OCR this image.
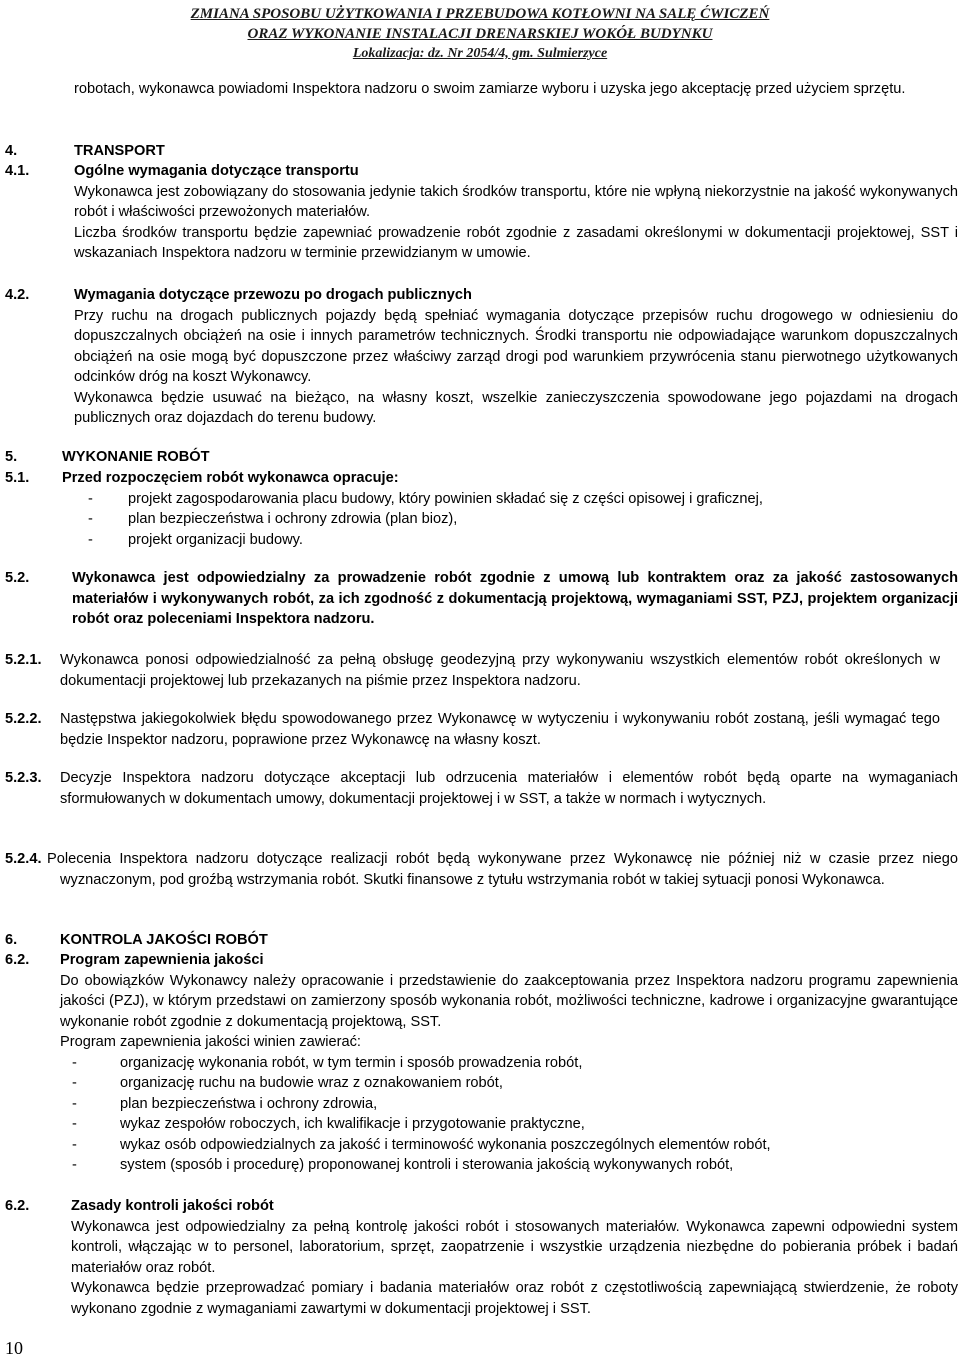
ZMIANA SPOSOBU UŻYTKOWANIA I PRZEBUDOWA KOTŁOWNI NA SALĘ ĆWICZEŃ
ORAZ WYKONANIE INSTALACJI DRENARSKIEJ WOKÓŁ BUDYNKU
Lokalizacja: dz. Nr 2054/4, gm. Sulmierzyce
robotach, wykonawca powiadomi Inspektora nadzoru o swoim zamiarze wyboru i uzyska jego akceptację przed użyciem sprzętu.
4.	TRANSPORT
4.1.	Ogólne wymagania dotyczące transportu
Wykonawca jest zobowiązany do stosowania jedynie takich środków transportu, które nie wpłyną niekorzystnie na jakość wykonywanych robót i właściwości przewożonych materiałów.
Liczba środków transportu będzie zapewniać prowadzenie robót zgodnie z zasadami określonymi w dokumentacji projektowej, SST i wskazaniach Inspektora nadzoru w terminie przewidzianym w umowie.
4.2.	Wymagania dotyczące przewozu po drogach publicznych
Przy ruchu na drogach publicznych pojazdy będą spełniać wymagania dotyczące przepisów ruchu drogowego w odniesieniu do dopuszczalnych obciążeń na osie i innych parametrów technicznych. Środki transportu nie odpowiadające warunkom dopuszczalnych obciążeń na osie mogą być dopuszczone przez właściwy zarząd drogi pod warunkiem przywrócenia stanu pierwotnego użytkowanych odcinków dróg na koszt Wykonawcy.
Wykonawca będzie usuwać na bieżąco, na własny koszt, wszelkie zanieczyszczenia spowodowane jego pojazdami na drogach publicznych oraz dojazdach do terenu budowy.
5.	WYKONANIE ROBÓT
5.1. Przed rozpoczęciem robót wykonawca opracuje:
- projekt zagospodarowania placu budowy, który powinien składać się z części opisowej i graficznej,
- plan bezpieczeństwa i ochrony zdrowia (plan bioz),
- projekt organizacji budowy.
5.2.	Wykonawca jest odpowiedzialny za prowadzenie robót zgodnie z umową lub kontraktem oraz za jakość zastosowanych materiałów i wykonywanych robót, za ich zgodność z dokumentacją projektową, wymaganiami SST, PZJ, projektem organizacji robót oraz poleceniami Inspektora nadzoru.
5.2.1. Wykonawca ponosi odpowiedzialność za pełną obsługę geodezyjną przy wykonywaniu wszystkich elementów robót określonych w dokumentacji projektowej lub przekazanych na piśmie przez Inspektora nadzoru.
5.2.2. Następstwa jakiegokolwiek błędu spowodowanego przez Wykonawcę w wytyczeniu i wykonywaniu robót zostaną, jeśli wymagać tego będzie Inspektor nadzoru, poprawione przez Wykonawcę na własny koszt.
5.2.3. Decyzje Inspektora nadzoru dotyczące akceptacji lub odrzucenia materiałów i elementów robót będą oparte na wymaganiach sformułowanych w dokumentach umowy, dokumentacji projektowej i w SST, a także w normach i wytycznych.
5.2.4. Polecenia Inspektora nadzoru dotyczące realizacji robót będą wykonywane przez Wykonawcę nie później niż w czasie przez niego wyznaczonym, pod groźbą wstrzymania robót. Skutki finansowe z tytułu wstrzymania robót w takiej sytuacji ponosi Wykonawca.
6.	KONTROLA JAKOŚCI ROBÓT
6.2. Program zapewnienia jakości
Do obowiązków Wykonawcy należy opracowanie i przedstawienie do zaakceptowania przez Inspektora nadzoru programu zapewnienia jakości (PZJ), w którym przedstawi on zamierzony sposób wykonania robót, możliwości techniczne, kadrowe i organizacyjne gwarantujące wykonanie robót zgodnie z dokumentacją projektową, SST.
Program zapewnienia jakości winien zawierać:
-	organizację wykonania robót, w tym termin i sposób prowadzenia robót,
-	organizację ruchu na budowie wraz z oznakowaniem robót,
-	plan bezpieczeństwa i ochrony zdrowia,
-	wykaz zespołów roboczych, ich kwalifikacje i przygotowanie praktyczne,
-	wykaz osób odpowiedzialnych za jakość i terminowość wykonania poszczególnych elementów robót,
-	system (sposób i procedurę) proponowanej kontroli i sterowania jakością wykonywanych robót,
6.2.	Zasady kontroli jakości robót
Wykonawca jest odpowiedzialny za pełną kontrolę jakości robót i stosowanych materiałów. Wykonawca zapewni odpowiedni system kontroli, włączając w to personel, laboratorium, sprzęt, zaopatrzenie i wszystkie urządzenia niezbędne do pobierania próbek i badań materiałów oraz robót.
Wykonawca będzie przeprowadzać pomiary i badania materiałów oraz robót z częstotliwością zapewniającą stwierdzenie, że roboty wykonano zgodnie z wymaganiami zawartymi w dokumentacji projektowej i SST.
10
